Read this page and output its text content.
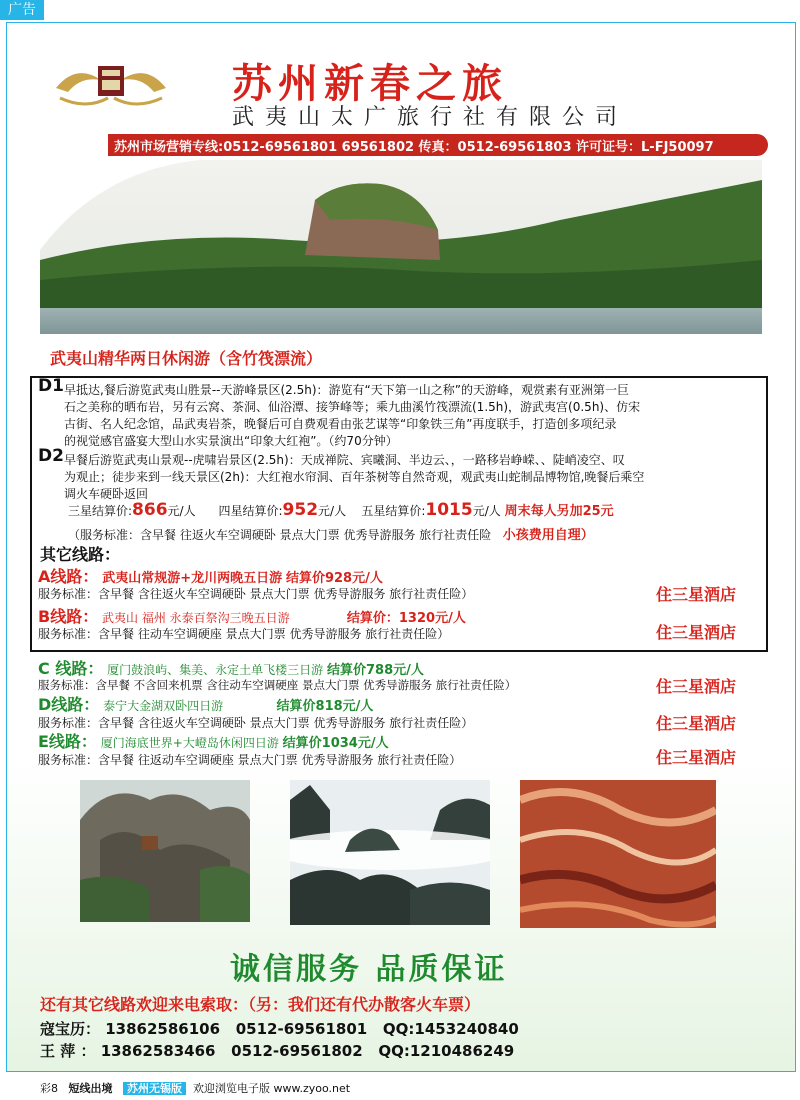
广告
苏州新春之旅
武夷山太广旅行社有限公司
苏州市场营销专线:0512-69561801 69561802 传真：0512-69561803 许可证号：L-FJ50097
武夷山精华两日休闲游（含竹筏漂流）
D1 早抵达,餐后游览武夷山胜景--天游峰景区(2.5h)：游览有“天下第一山之称”的天游峰，观赏素有亚洲第一巨
石之美称的晒布岩，另有云窝、茶洞、仙浴潭、接笋峰等；乘九曲溪竹筏漂流(1.5h)，游武夷宫(0.5h)、仿宋
古街、名人纪念馆，品武夷岩茶，晚餐后可自费观看由张艺谋等“印象铁三角”再度联手，打造创多项纪录
的视觉感官盛宴大型山水实景演出“印象大红袍”。（约70分钟）
D2 早餐后游览武夷山景观--虎啸岩景区(2.5h)：天成禅院、宾曦洞、半边云、，一路移岩峥嵘、、陡峭凌空、叹
为观止；徒步来到一线天景区(2h)：大红袍水帘洞、百年茶树等自然奇观，观武夷山蛇制品博物馆,晚餐后乘空
调火车硬卧返回
三星结算价:866元/人 四星结算价:952元/人 五星结算价:1015元/人 周末每人另加25元
（服务标准：含早餐 往返火车空调硬卧 景点大门票 优秀导游服务 旅行社责任险 小孩费用自理）
其它线路：
A线路： 武夷山常规游+龙川两晚五日游 结算价928元/人
服务标准：含早餐 含往返火车空调硬卧 景点大门票 优秀导游服务 旅行社责任险）	住三星酒店
B线路： 武夷山 福州 永泰百祭沟三晚五日游	结算价：1320元/人
服务标准：含早餐 往动车空调硬座 景点大门票 优秀导游服务 旅行社责任险）	住三星酒店
C 线路： 厦门鼓浪屿、集美、永定土单飞楼三日游 结算价788元/人
服务标准：含早餐 不含回来机票 含往动车空调硬座 景点大门票 优秀导游服务 旅行社责任险）	住三星酒店
D线路： 泰宁大金湖双卧四日游	结算价818元/人
服务标准：含早餐 含往返火车空调硬卧 景点大门票 优秀导游服务 旅行社责任险）	住三星酒店
E线路： 厦门海底世界+大嶝岛休闲四日游 结算价1034元/人
服务标准：含早餐 往返动车空调硬座 景点大门票 优秀导游服务 旅行社责任险）	住三星酒店
诚信服务 品质保证
还有其它线路欢迎来电索取：（另：我们还有代办散客火车票）
寇宝历： 13862586106 0512-69561801 QQ:1453240840
王 萍 ： 13862583466 0512-69561802 QQ:1210486249
彩8 短线出境 苏州无锡版 欢迎浏览电子版 www.zyoo.net
